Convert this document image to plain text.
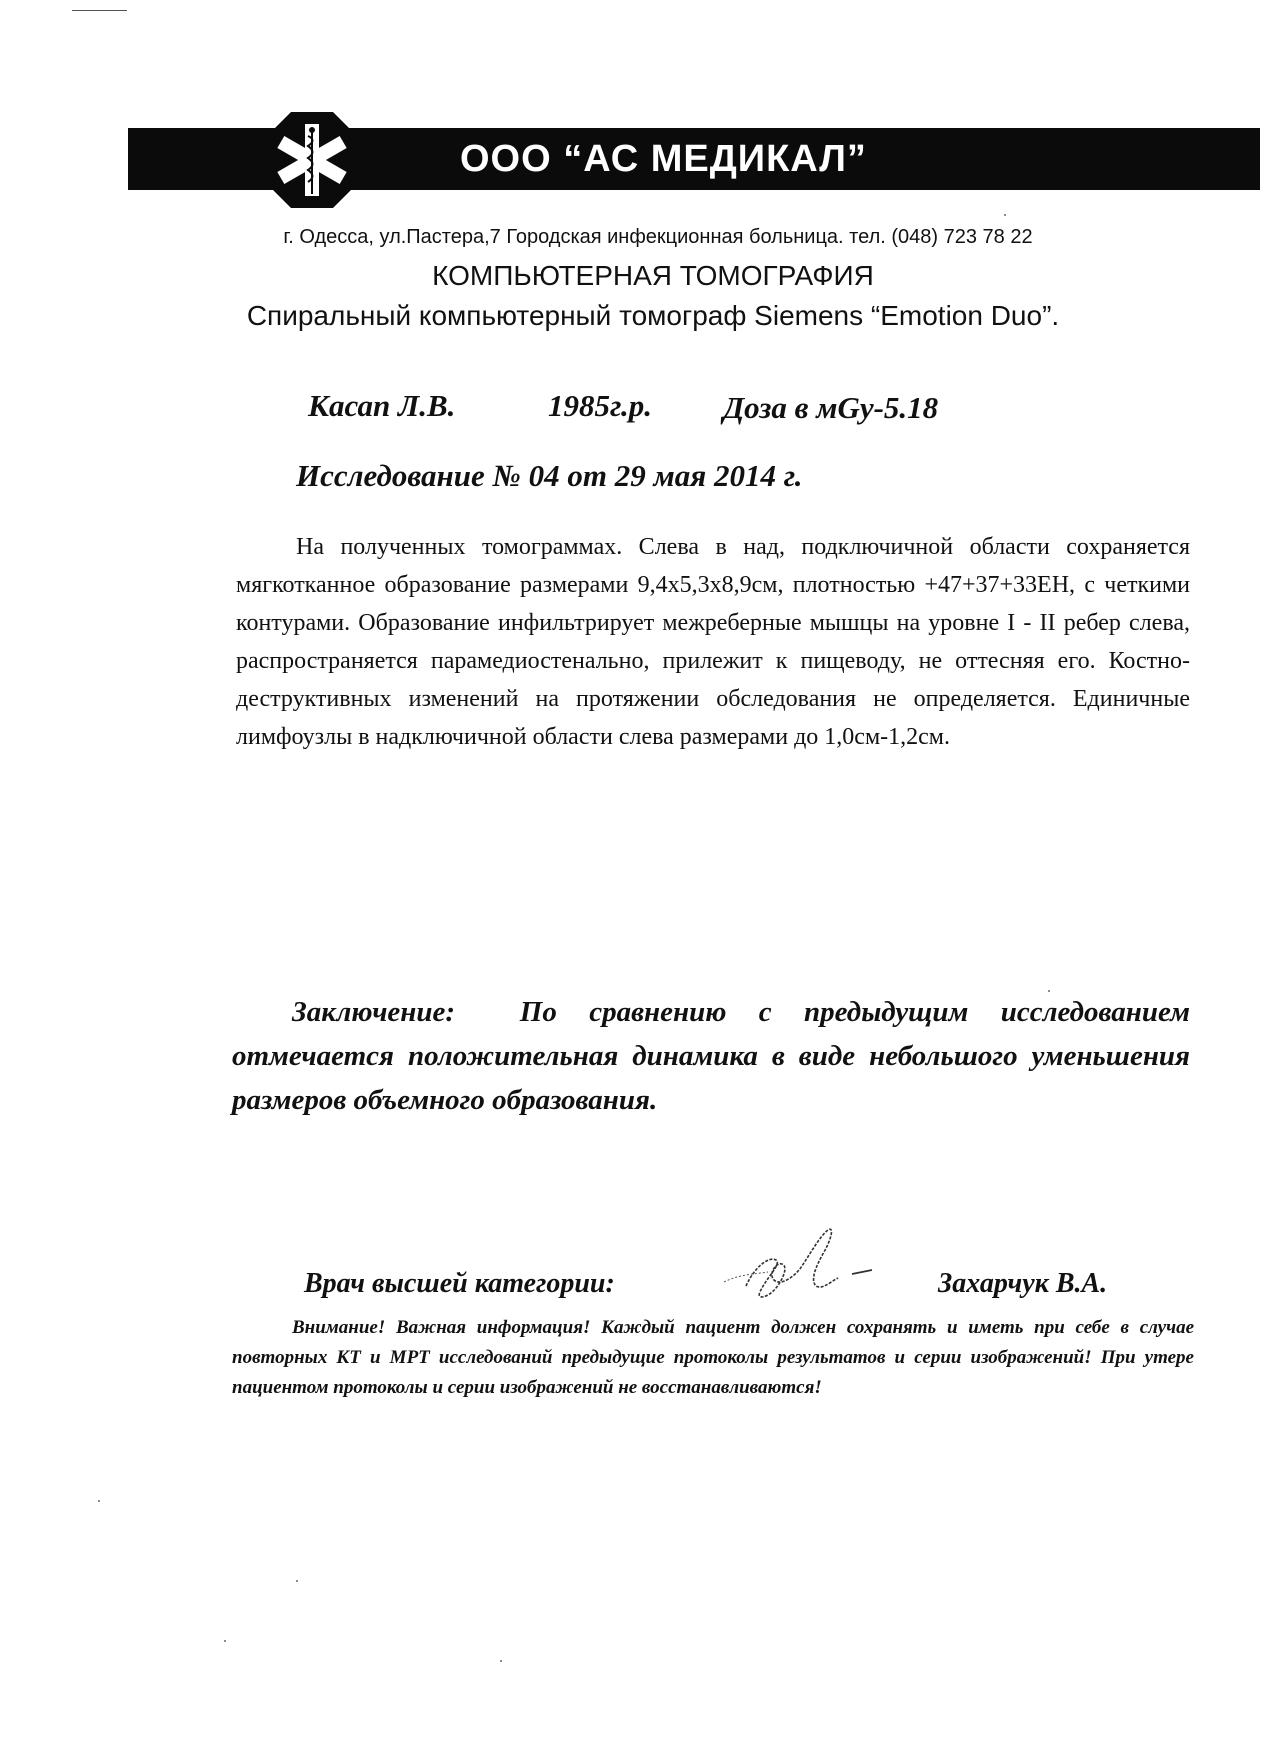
ООО “АС МЕДИКАЛ”
г. Одесса, ул.Пастера,7 Городская инфекционная больница. тел. (048) 723 78 22
КОМПЬЮТЕРНАЯ ТОМОГРАФИЯ
Спиральный компьютерный томограф Siemens “Emotion Duo”.
Касап Л.В.	1985г.р. Доза в мGy-5.18
Исследование № 04 от 29 мая 2014 г.
На полученных томограммах. Слева в над, подключичной области сохраняется мягкотканное образование размерами 9,4х5,3х8,9см, плотностью +47+37+33ЕН, с четкими контурами. Образование инфильтрирует межреберные мышцы на уровне I - II ребер слева, распространяется парамедиостенально, прилежит к пищеводу, не оттесняя его. Костно-деструктивных изменений на протяжении обследования не определяется. Единичные лимфоузлы в надключичной области слева размерами до 1,0см-1,2см.
Заключение: По сравнению с предыдущим исследованием отмечается положительная динамика в виде небольшого уменьшения размеров объемного образования.
Врач высшей категории:	Захарчук В.А.
Внимание! Важная информация! Каждый пациент должен сохранять и иметь при себе в случае повторных КТ и МРТ исследований предыдущие протоколы результатов и серии изображений! При утере пациентом протоколы и серии изображений не восстанавливаются!
